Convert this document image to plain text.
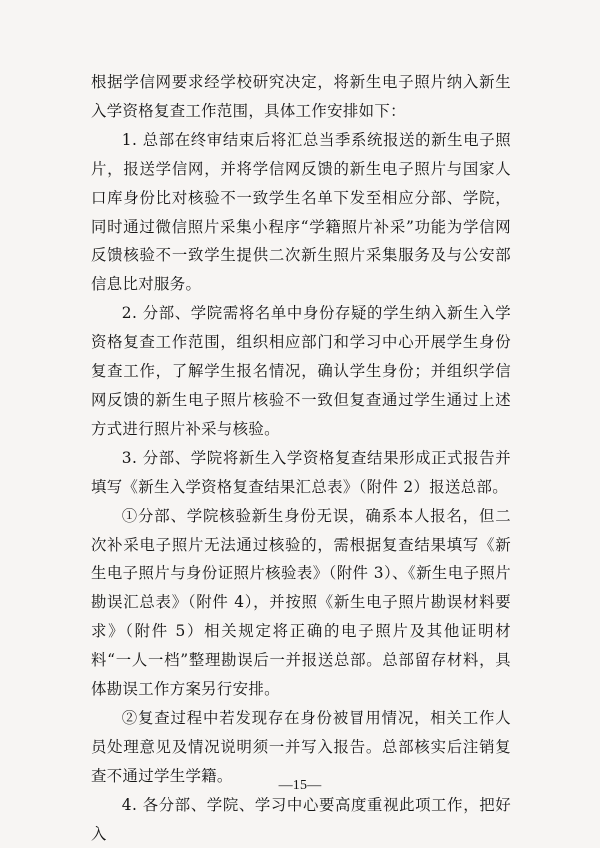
根据学信网要求经学校研究决定，将新生电子照片纳入新生入学资格复查工作范围，具体工作安排如下：

1. 总部在终审结束后将汇总当季系统报送的新生电子照片，报送学信网，并将学信网反馈的新生电子照片与国家人口库身份比对核验不一致学生名单下发至相应分部、学院，同时通过微信照片采集小程序“学籍照片补采”功能为学信网反馈核验不一致学生提供二次新生照片采集服务及与公安部信息比对服务。

2. 分部、学院需将名单中身份存疑的学生纳入新生入学资格复查工作范围，组织相应部门和学习中心开展学生身份复查工作，了解学生报名情况，确认学生身份；并组织学信网反馈的新生电子照片核验不一致但复查通过学生通过上述方式进行照片补采与核验。

3. 分部、学院将新生入学资格复查结果形成正式报告并填写《新生入学资格复查结果汇总表》（附件 2）报送总部。

①分部、学院核验新生身份无误，确系本人报名，但二次补采电子照片无法通过核验的，需根据复查结果填写《新生电子照片与身份证照片核验表》（附件 3）、《新生电子照片勘误汇总表》（附件 4），并按照《新生电子照片勘误材料要求》（附件 5）相关规定将正确的电子照片及其他证明材料“一人一档”整理勘误后一并报送总部。总部留存材料，具体勘误工作方案另行安排。

②复查过程中若发现存在身份被冒用情况，相关工作人员处理意见及情况说明须一并写入报告。总部核实后注销复查不通过学生学籍。

4. 各分部、学院、学习中心要高度重视此项工作，把好入

—15—
